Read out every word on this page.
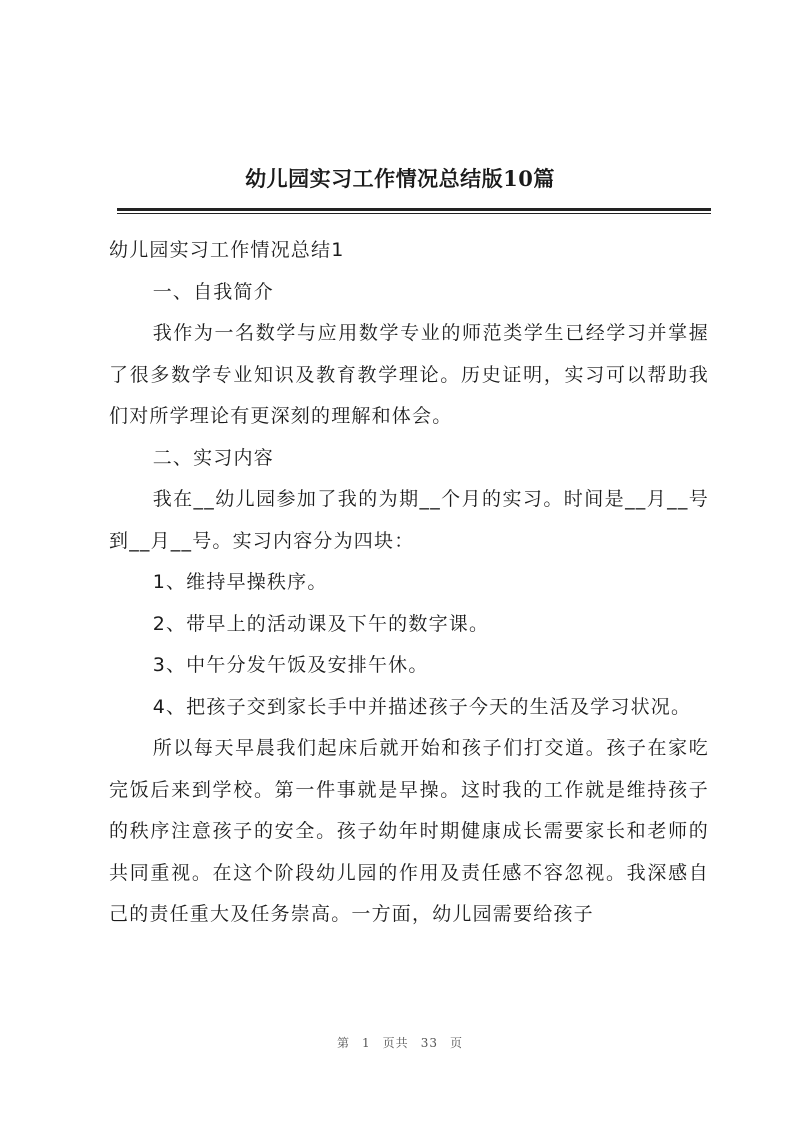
幼儿园实习工作情况总结版10篇

幼儿园实习工作情况总结1

一、自我简介

我作为一名数学与应用数学专业的师范类学生已经学习并掌握了很多数学专业知识及教育教学理论。历史证明，实习可以帮助我们对所学理论有更深刻的理解和体会。

二、实习内容

我在__幼儿园参加了我的为期__个月的实习。时间是__月__号到__月__号。实习内容分为四块：

1、维持早操秩序。

2、带早上的活动课及下午的数字课。

3、中午分发午饭及安排午休。

4、把孩子交到家长手中并描述孩子今天的生活及学习状况。

所以每天早晨我们起床后就开始和孩子们打交道。孩子在家吃完饭后来到学校。第一件事就是早操。这时我的工作就是维持孩子的秩序注意孩子的安全。孩子幼年时期健康成长需要家长和老师的共同重视。在这个阶段幼儿园的作用及责任感不容忽视。我深感自己的责任重大及任务崇高。一方面，幼儿园需要给孩子

第 1 页共 33 页
